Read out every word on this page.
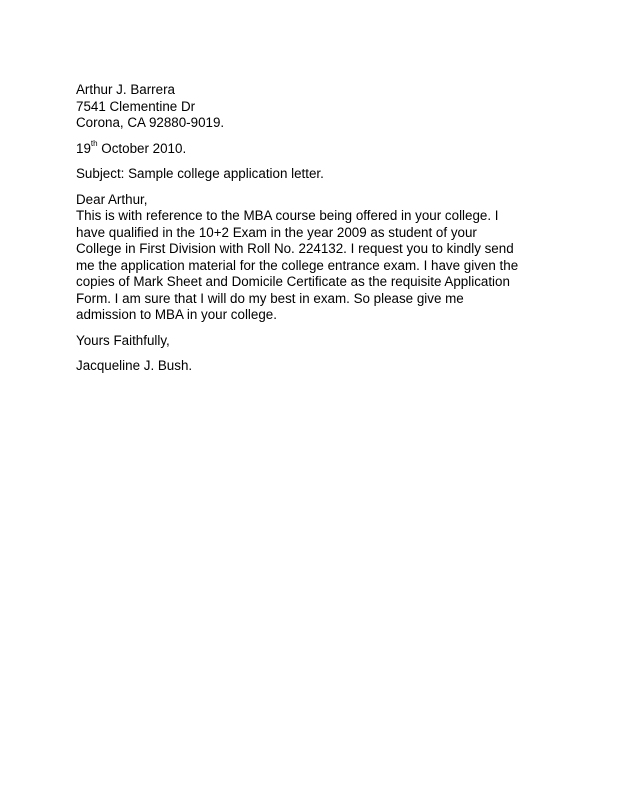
Arthur J. Barrera
7541 Clementine Dr
Corona, CA 92880-9019.
19th October 2010.
Subject: Sample college application letter.
Dear Arthur,
This is with reference to the MBA course being offered in your college. I
have qualified in the 10+2 Exam in the year 2009 as student of your
College in First Division with Roll No. 224132. I request you to kindly send
me the application material for the college entrance exam. I have given the
copies of Mark Sheet and Domicile Certificate as the requisite Application
Form. I am sure that I will do my best in exam. So please give me
admission to MBA in your college.
Yours Faithfully,
Jacqueline J. Bush.
